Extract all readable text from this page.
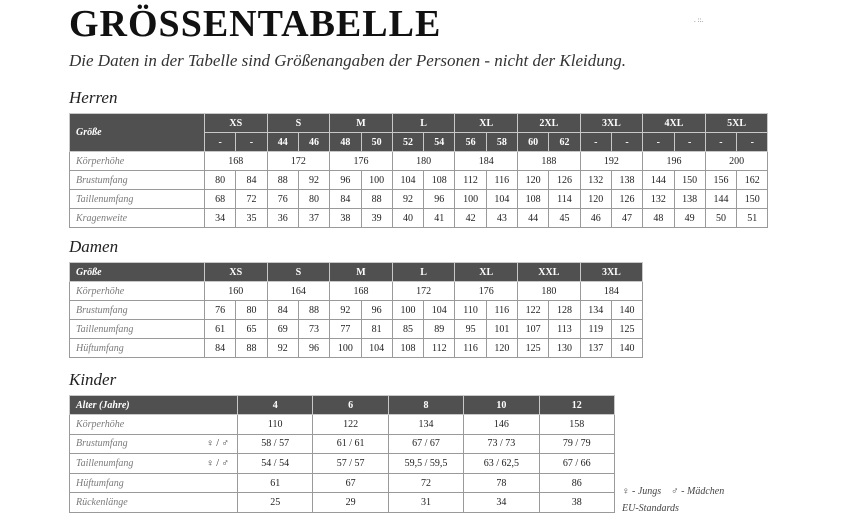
GRÖSSENTABELLE	. ::.
Die Daten in der Tabelle sind Größenangaben der Personen - nicht der Kleidung.
Herren
Größe	XS		S		M		L		XL		2XL		3XL		4XL		5XL	
	-	-	44	46	48	50	52	54	56	58	60	62	-	-	-	-	-	-
Körperhöhe	168		172		176		180		184		188		192		196		200	
Brustumfang	80	84	88	92	96	100	104	108	112	116	120	126	132	138	144	150	156	162
Taillenumfang	68	72	76	80	84	88	92	96	100	104	108	114	120	126	132	138	144	150
Kragenweite	34	35	36	37	38	39	40	41	42	43	44	45	46	47	48	49	50	51
Damen
Größe	XS		S		M		L		XL		XXL		3XL	
Körperhöhe	160		164		168		172		176		180		184	
Brustumfang	76	80	84	88	92	96	100	104	110	116	122	128	134	140
Taillenumfang	61	65	69	73	77	81	85	89	95	101	107	113	119	125
Hüftumfang	84	88	92	96	100	104	108	112	116	120	125	130	137	140
Kinder
Alter (Jahre)	4	6	8	10	12
Körperhöhe	110	122	134	146	158

♀ / ♂
Brustumfang	58 / 57	61 / 61	67 / 67	73 / 73	79 / 79

♀ / ♂
Taillenumfang	54 / 54	57 / 57	59,5 / 59,5	63 / 62,5	67 / 66
Hüftumfang	61	67	72	78	86
Rückenlänge	25	29	31	34	38
♀ - Jungs ♂ - Mädchen
EU-Standards
